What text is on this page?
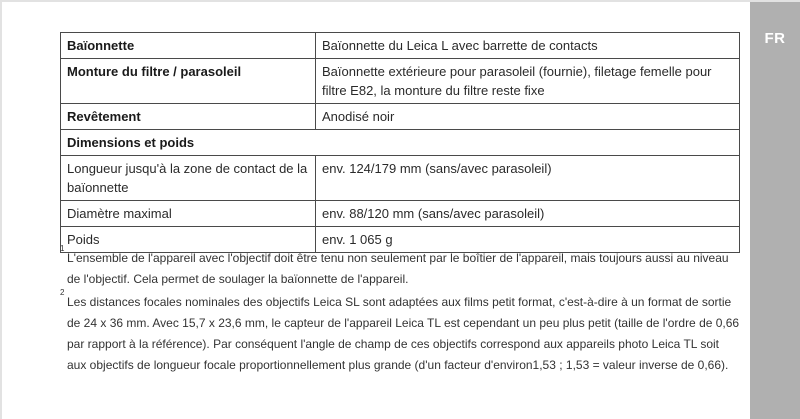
Baïonnette	Baïonnette du Leica L avec barrette de contacts
Monture du filtre / parasoleil	Baïonnette extérieure pour parasoleil (fournie), filetage femelle pour filtre E82, la monture du filtre reste fixe
Revêtement	Anodisé noir
Dimensions et poids	
Longueur jusqu'à la zone de contact de la baïonnette	env. 124/179 mm (sans/avec parasoleil)
Diamètre maximal	env. 88/120 mm (sans/avec parasoleil)
Poids	env. 1 065 g
1
L'ensemble de l'appareil avec l'objectif doit être tenu non seulement par le boîtier de l'appareil, mais toujours aussi au niveau de l'objectif. Cela permet de soulager la baïonnette de l'appareil.
2
Les distances focales nominales des objectifs Leica SL sont adaptées aux films petit format, c'est-à-dire à un format de sortie de 24 x 36 mm. Avec 15,7 x 23,6 mm, le capteur de l'appareil Leica TL est cependant un peu plus petit (taille de l'ordre de 0,66 par rapport à la référence). Par conséquent l'angle de champ de ces objectifs correspond aux appareils photo Leica TL soit aux objectifs de longueur focale proportionnellement plus grande (d'un facteur d'environ1,53 ; 1,53 = valeur inverse de 0,66).
FR
